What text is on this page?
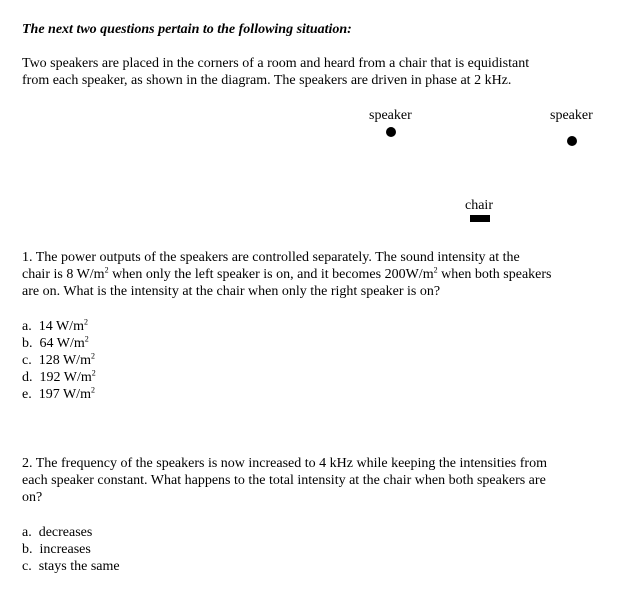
The next two questions pertain to the following situation:
Two speakers are placed in the corners of a room and heard from a chair that is equidistant
from each speaker, as shown in the diagram. The speakers are driven in phase at 2 kHz.
speaker	speaker
chair
1. The power outputs of the speakers are controlled separately. The sound intensity at the
chair is 8 $W/m^2$ when only the left speaker is on, and it becomes $200W/m^2$ when both speakers
are on. What is the intensity at the chair when only the right speaker is on?
a. 14 $W/m^2$
b. 64 $W/m^2$
c. 128 $W/m^2$
d. 192 $W/m^2$
e. 197 $W/m^2$
2. The frequency of the speakers is now increased to 4 kHz while keeping the intensities from
each speaker constant. What happens to the total intensity at the chair when both speakers are
on?
a. decreases
b. increases
c. stays the same
